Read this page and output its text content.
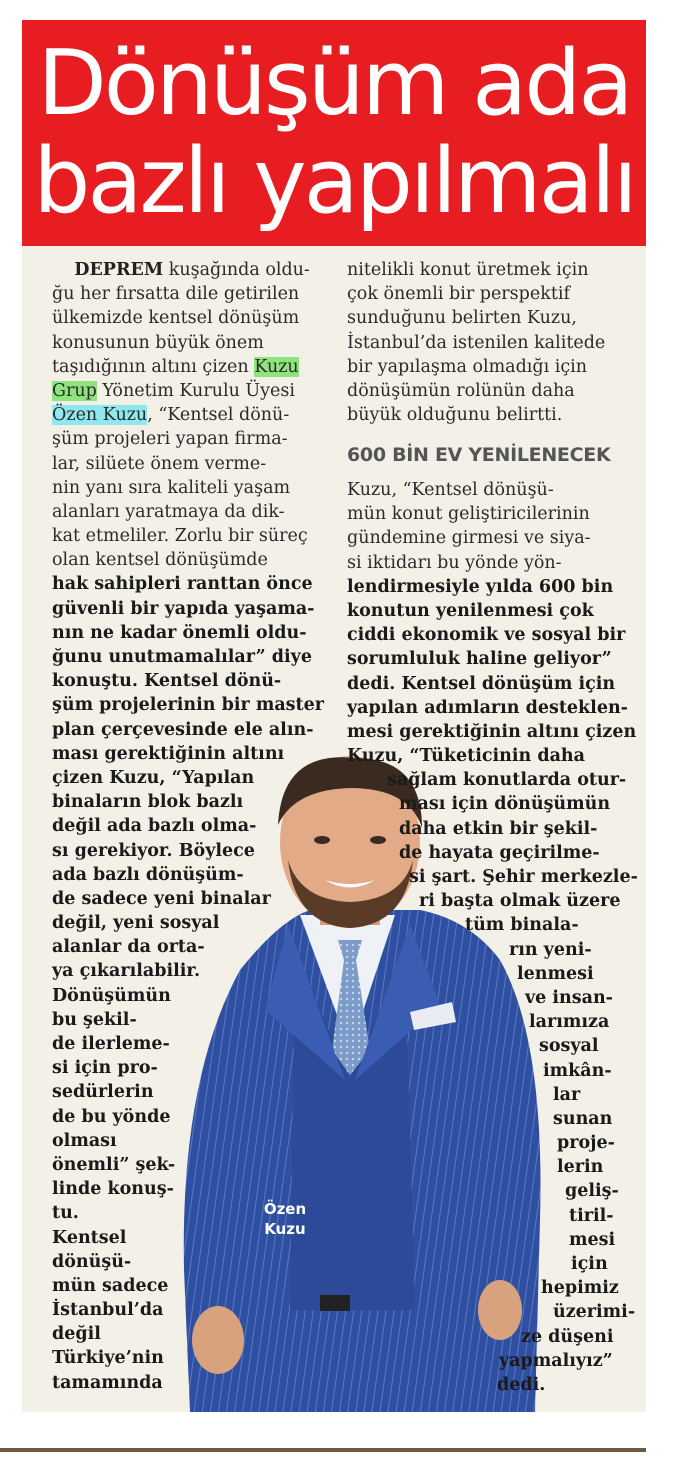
Dönüşüm ada
bazlı yapılmalı
Özen
Kuzu
DEPREM kuşağında oldu-
ğu her fırsatta dile getirilen
ülkemizde kentsel dönüşüm
konusunun büyük önem
taşıdığının altını çizen Kuzu
Grup Yönetim Kurulu Üyesi
Özen Kuzu, “Kentsel dönü-
şüm projeleri yapan firma-
lar, silüete önem verme-
nin yanı sıra kaliteli yaşam
alanları yaratmaya da dik-
kat etmeliler. Zorlu bir süreç
olan kentsel dönüşümde
hak sahipleri ranttan önce
güvenli bir yapıda yaşama-
nın ne kadar önemli oldu-
ğunu unutmamalılar” diye
konuştu. Kentsel dönü-
şüm projelerinin bir master
plan çerçevesinde ele alın-
ması gerektiğinin altını
çizen Kuzu, “Yapılan
binaların blok bazlı
değil ada bazlı olma-
sı gerekiyor. Böylece
ada bazlı dönüşüm-
de sadece yeni binalar
değil, yeni sosyal
alanlar da orta-
ya çıkarılabilir.
Dönüşümün
bu şekil-
de ilerleme-
si için pro-
sedürlerin
de bu yönde
olması
önemli” şek-
linde konuş-
tu.
Kentsel
dönüşü-
mün sadece
İstanbul’da
değil
Türkiye’nin
tamamında
nitelikli konut üretmek için
çok önemli bir perspektif
sunduğunu belirten Kuzu,
İstanbul’da istenilen kalitede
bir yapılaşma olmadığı için
dönüşümün rolünün daha
büyük olduğunu belirtti.
600 BİN EV YENİLENECEK
Kuzu, “Kentsel dönüşü-
mün konut geliştiricilerinin
gündemine girmesi ve siya-
si iktidarı bu yönde yön-
lendirmesiyle yılda 600 bin
konutun yenilenmesi çok
ciddi ekonomik ve sosyal bir
sorumluluk haline geliyor”
dedi. Kentsel dönüşüm için
yapılan adımların desteklen-
mesi gerektiğinin altını çizen
Kuzu, “Tüketicinin daha
sağlam konutlarda otur-
ması için dönüşümün
daha etkin bir şekil-
de hayata geçirilme-
si şart. Şehir merkezle-
ri başta olmak üzere
tüm binala-
rın yeni-
lenmesi
ve insan-
larımıza
sosyal
imkân-
lar
sunan
proje-
lerin
geliş-
tiril-
mesi
için
hepimiz
üzerimi-
ze düşeni
yapmalıyız”
dedi.
